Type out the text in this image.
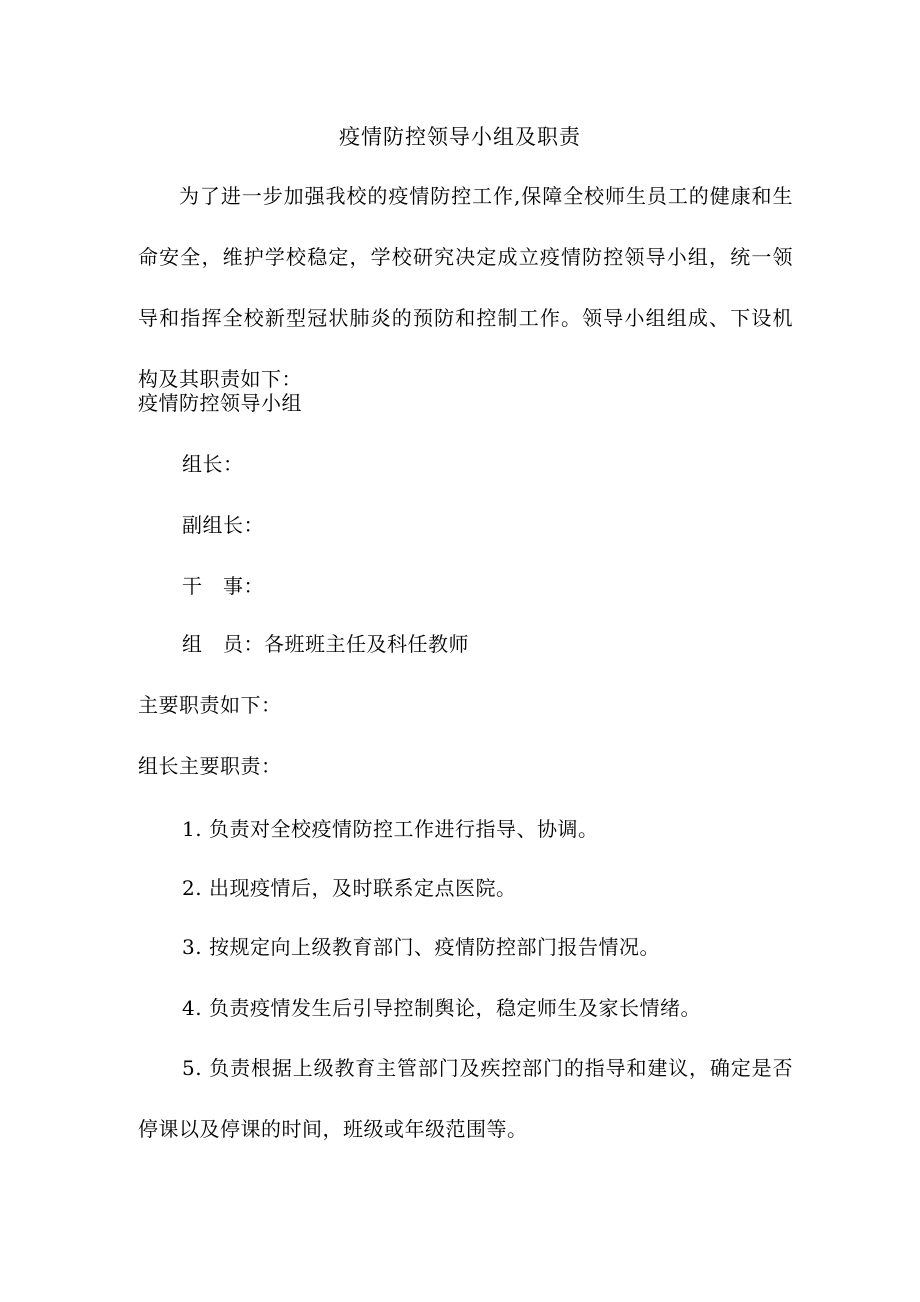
疫情防控领导小组及职责

为了进一步加强我校的疫情防控工作,保障全校师生员工的健康和生命安全，维护学校稳定，学校研究决定成立疫情防控领导小组，统一领导和指挥全校新型冠状肺炎的预防和控制工作。领导小组组成、下设机构及其职责如下：

疫情防控领导小组
组长：
副组长：
干　事：
组　员：各班班主任及科任教师
主要职责如下：
组长主要职责：
1. 负责对全校疫情防控工作进行指导、协调。
2. 出现疫情后，及时联系定点医院。
3. 按规定向上级教育部门、疫情防控部门报告情况。
4. 负责疫情发生后引导控制舆论，稳定师生及家长情绪。

5. 负责根据上级教育主管部门及疾控部门的指导和建议，确定是否停课以及停课的时间，班级或年级范围等。
